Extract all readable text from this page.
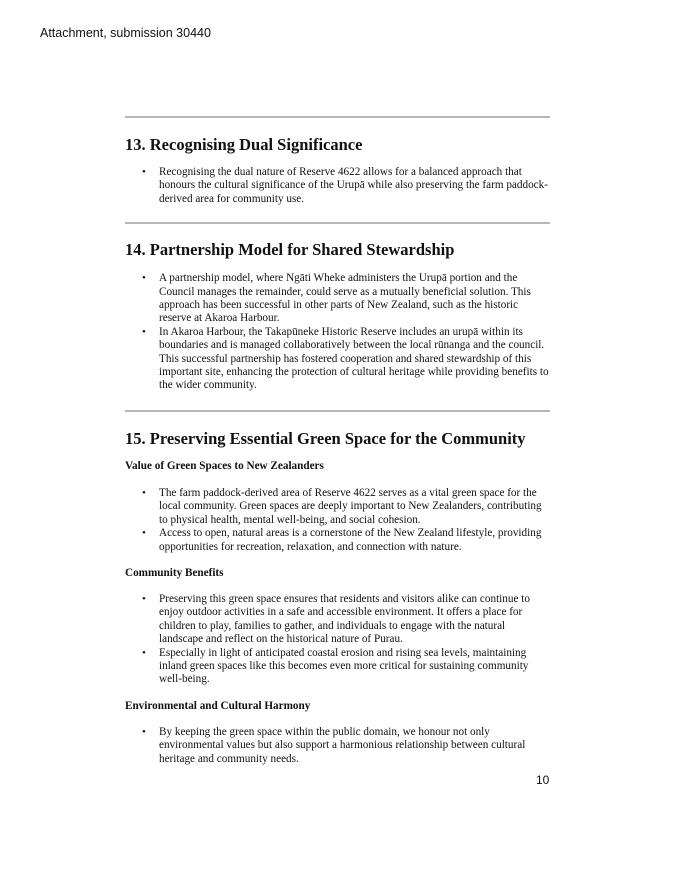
Attachment, submission 30440
13. Recognising Dual Significance
• Recognising the dual nature of Reserve 4622 allows for a balanced approach that honours the cultural significance of the Urupā while also preserving the farm paddock-derived area for community use.
14. Partnership Model for Shared Stewardship
• A partnership model, where Ngāti Wheke administers the Urupā portion and the Council manages the remainder, could serve as a mutually beneficial solution. This approach has been successful in other parts of New Zealand, such as the historic reserve at Akaroa Harbour.
• In Akaroa Harbour, the Takapūneke Historic Reserve includes an urupā within its boundaries and is managed collaboratively between the local rūnanga and the council. This successful partnership has fostered cooperation and shared stewardship of this important site, enhancing the protection of cultural heritage while providing benefits to the wider community.
15. Preserving Essential Green Space for the Community
Value of Green Spaces to New Zealanders
• The farm paddock-derived area of Reserve 4622 serves as a vital green space for the local community. Green spaces are deeply important to New Zealanders, contributing to physical health, mental well-being, and social cohesion.
• Access to open, natural areas is a cornerstone of the New Zealand lifestyle, providing opportunities for recreation, relaxation, and connection with nature.
Community Benefits
• Preserving this green space ensures that residents and visitors alike can continue to enjoy outdoor activities in a safe and accessible environment. It offers a place for children to play, families to gather, and individuals to engage with the natural landscape and reflect on the historical nature of Purau.
• Especially in light of anticipated coastal erosion and rising sea levels, maintaining inland green spaces like this becomes even more critical for sustaining community well-being.
Environmental and Cultural Harmony
• By keeping the green space within the public domain, we honour not only environmental values but also support a harmonious relationship between cultural heritage and community needs.
10
